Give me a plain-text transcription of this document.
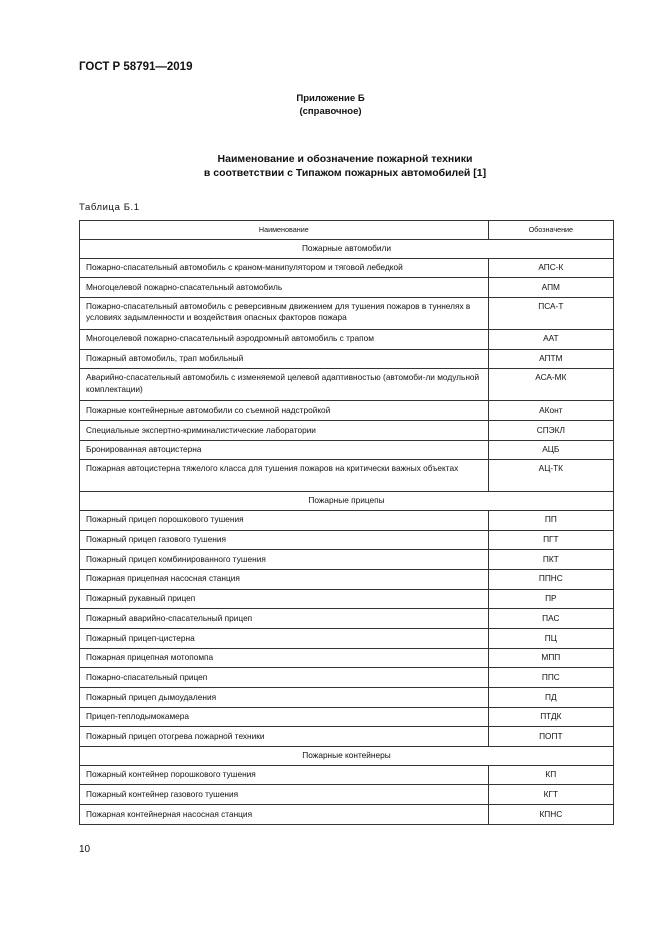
ГОСТ Р 58791—2019
Приложение Б
(справочное)
Наименование и обозначение пожарной техники
в соответствии с Типажом пожарных автомобилей [1]
Таблица Б.1
Наименование	Обозначение
Пожарные автомобили	
Пожарно-спасательный автомобиль с краном-манипулятором и тяговой лебедкой	АПС-К
Многоцелевой пожарно-спасательный автомобиль	АПМ
Пожарно-спасательный автомобиль с реверсивным движением для тушения пожаров в туннелях в условиях задымленности и воздействия опасных факторов пожара	ПСА-Т
Многоцелевой пожарно-спасательный аэродромный автомобиль с трапом	ААТ
Пожарный автомобиль, трап мобильный	АПТМ
Аварийно-спасательный автомобиль с изменяемой целевой адаптивностью (автомоби-ли модульной комплектации)	АСА-МК
Пожарные контейнерные автомобили со съемной надстройкой	АКонт
Специальные экспертно-криминалистические лаборатории	СПЭКЛ
Бронированная автоцистерна	АЦБ
Пожарная автоцистерна тяжелого класса для тушения пожаров на критически важных объектах	АЦ-ТК
Пожарные прицепы	
Пожарный прицеп порошкового тушения	ПП
Пожарный прицеп газового тушения	ПГТ
Пожарный прицеп комбинированного тушения	ПКТ
Пожарная прицепная насосная станция	ППНС
Пожарный рукавный прицеп	ПР
Пожарный аварийно-спасательный прицеп	ПАС
Пожарный прицеп-цистерна	ПЦ
Пожарная прицепная мотопомпа	МПП
Пожарно-спасательный прицеп	ППС
Пожарный прицеп дымоудаления	ПД
Прицеп-теплодымокамера	ПТДК
Пожарный прицеп отогрева пожарной техники	ПОПТ
Пожарные контейнеры	
Пожарный контейнер порошкового тушения	КП
Пожарный контейнер газового тушения	КГТ
Пожарная контейнерная насосная станция	КПНС
10
